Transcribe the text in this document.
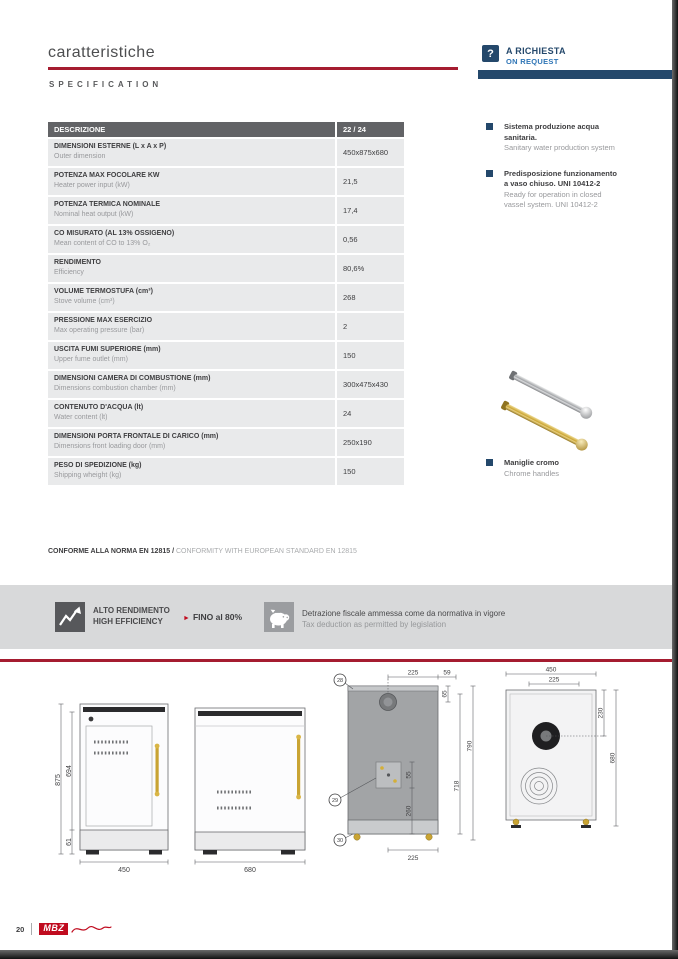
caratteristiche
SPECIFICATION
? A RICHIESTA
ON REQUEST
DESCRIZIONE	22 / 24
DIMENSIONI ESTERNE (L x A x P)
Outer dimension	450x875x680
POTENZA MAX FOCOLARE KW
Heater power input (kW)	21,5
POTENZA TERMICA NOMINALE
Nominal heat output (kW)	17,4
CO MISURATO (AL 13% OSSIGENO)
Mean content of CO to 13% O₂	0,56
RENDIMENTO
Efficiency	80,6%
VOLUME TERMOSTUFA (cm³)
Stove volume (cm³)	268
PRESSIONE MAX ESERCIZIO
Max operating pressure (bar)	2
USCITA FUMI SUPERIORE (mm)
Upper fume outlet (mm)	150
DIMENSIONI CAMERA DI COMBUSTIONE (mm)
Dimensions combustion chamber (mm)	300x475x430
CONTENUTO D'ACQUA (lt)
Water content (lt)	24
DIMENSIONI PORTA FRONTALE DI CARICO (mm)
Dimensions front loading door (mm)	250x190
PESO DI SPEDIZIONE (kg)
Shipping wheight (kg)	150
Sistema produzione acqua sanitaria.
Sanitary water production system
Predisposizione funzionamento a vaso chiuso. UNI 10412-2
Ready for operation in closed vassel system. UNI 10412-2
Maniglie cromo
Chrome handles
CONFORME ALLA NORMA EN 12815 / CONFORMITY WITH EUROPEAN STANDARD EN 12815
ALTO RENDIMENTO
HIGH EFFICIENCY	► FINO al 80%	Detrazione fiscale ammessa come da normativa in vigore
Tax deduction as permitted by legislation
875
694
61
450	680
225	59
65
718
790
55
260
225
28
29
30
450
225
230
680
20	MBZ
